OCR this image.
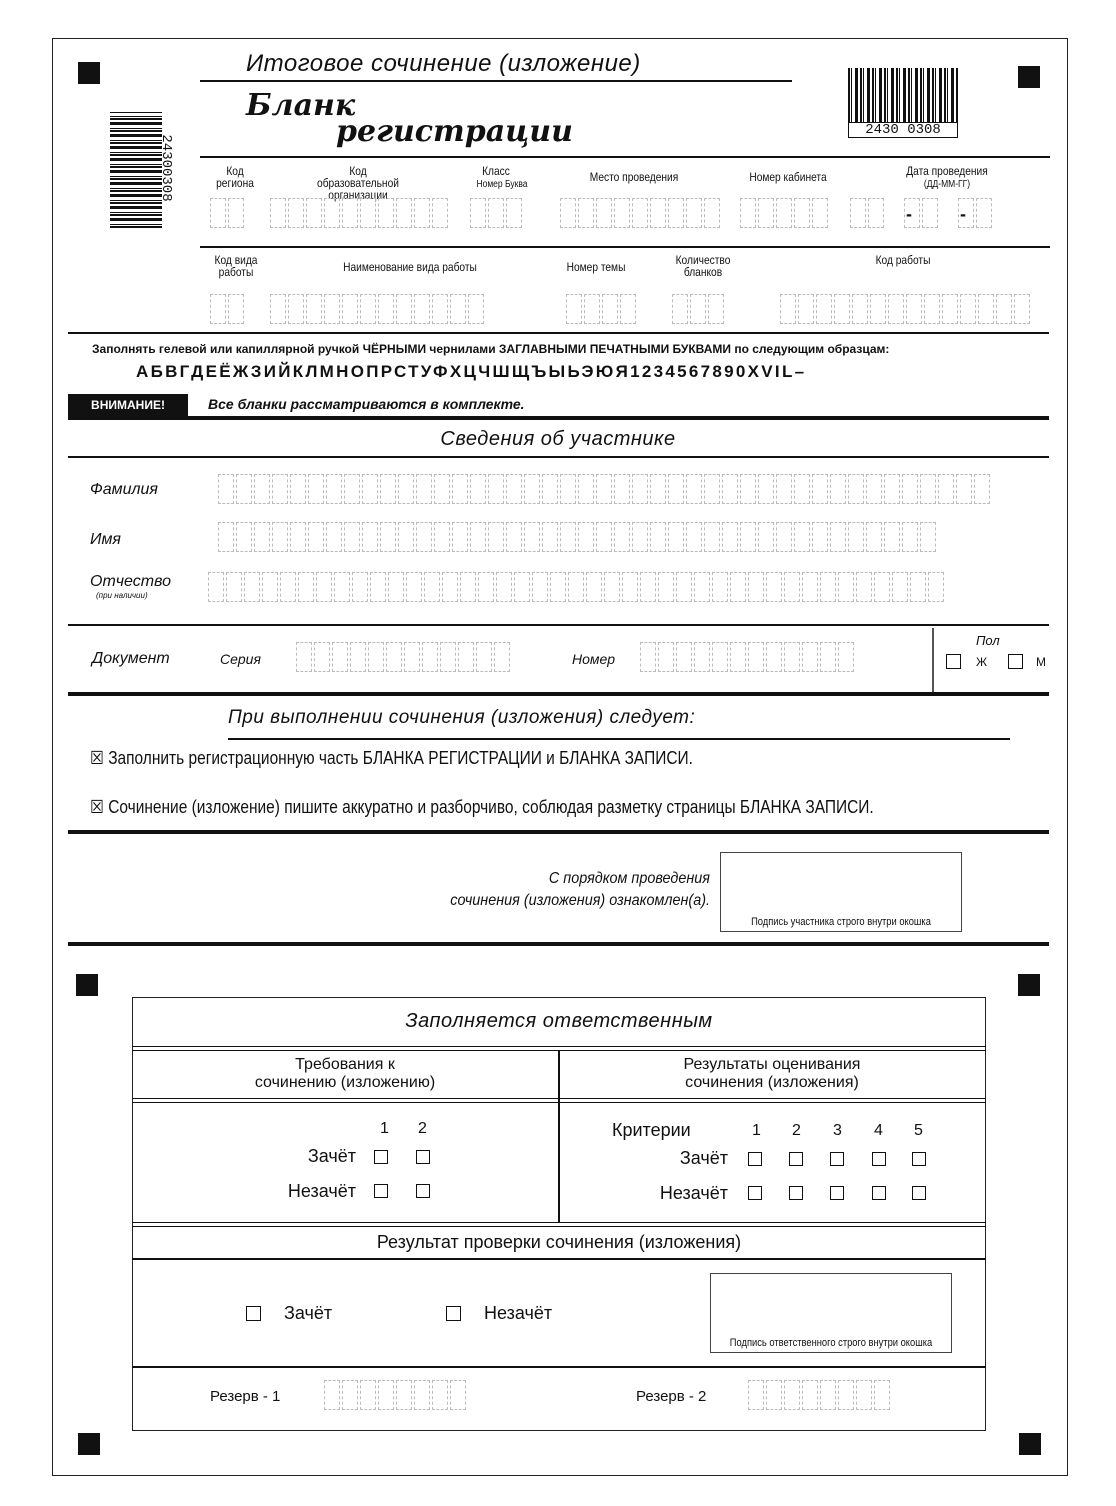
24300308
Итоговое сочинение (изложение)
Бланк
регистрации	2430 0308
Код региона
Код образовательной организации
Класс
Номер Буква
Место проведения	Номер кабинета	Дата проведения
(ДД-ММ-ГГ)
-	-
Код вида работы	Наименование вида работы	Номер темы	Количество бланков
Код работы
Заполнять гелевой или капиллярной ручкой ЧЁРНЫМИ чернилами ЗАГЛАВНЫМИ ПЕЧАТНЫМИ БУКВАМИ по следующим образцам:
АБВГДЕЁЖЗИЙКЛМНОПРСТУФХЦЧШЩЪЫЬЭЮЯ1234567890XVIL–
ВНИМАНИЕ!	Все бланки рассматриваются в комплекте.
Сведения об участнике
Фамилия
Имя
Отчество
(при наличии)
Документ	Серия	Номер
Пол
Ж	М
При выполнении сочинения (изложения) следует:
☒ Заполнить регистрационную часть БЛАНКА РЕГИСТРАЦИИ и БЛАНКА ЗАПИСИ.
☒ Сочинение (изложение) пишите аккуратно и разборчиво, соблюдая разметку страницы БЛАНКА ЗАПИСИ.
С порядком проведения
сочинения (изложения) ознакомлен(а).
Подпись участника строго внутри окошка
Заполняется ответственным
Требования к
сочинению (изложению)
Результаты оценивания
сочинения (изложения)
1 2
Зачёт
Незачёт
Критерии	1 2 3 4 5
Зачёт
Незачёт
Результат проверки сочинения (изложения)
Зачёт	Незачёт
Подпись ответственного строго внутри окошка
Резерв - 1	Резерв - 2
